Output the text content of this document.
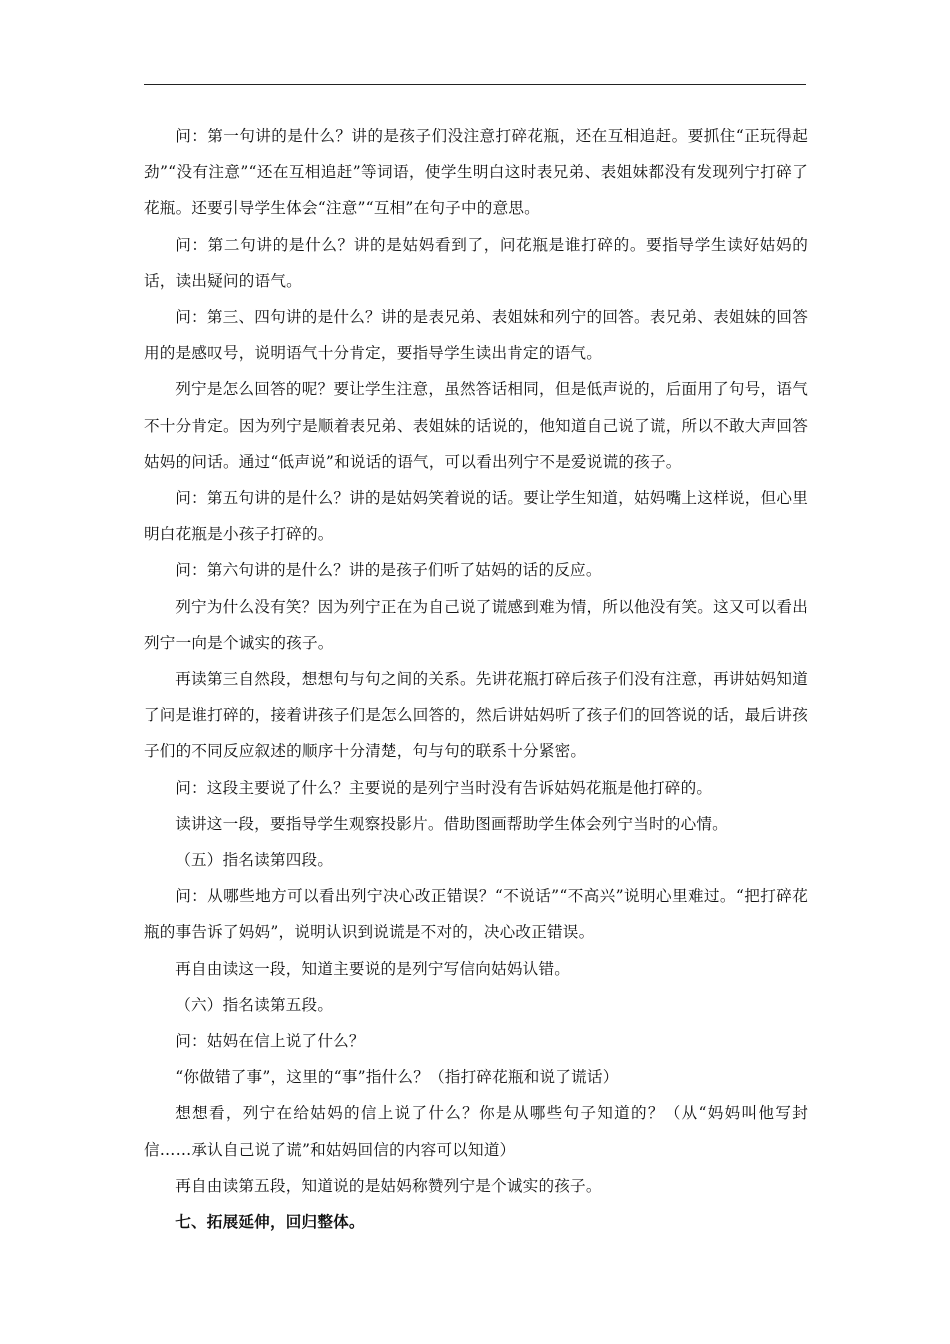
问：第一句讲的是什么？讲的是孩子们没注意打碎花瓶，还在互相追赶。要抓住“正玩得起劲”“没有注意”“还在互相追赶”等词语，使学生明白这时表兄弟、表姐妹都没有发现列宁打碎了花瓶。还要引导学生体会“注意”“互相”在句子中的意思。

问：第二句讲的是什么？讲的是姑妈看到了，问花瓶是谁打碎的。要指导学生读好姑妈的话，读出疑问的语气。

问：第三、四句讲的是什么？讲的是表兄弟、表姐妹和列宁的回答。表兄弟、表姐妹的回答用的是感叹号，说明语气十分肯定，要指导学生读出肯定的语气。

列宁是怎么回答的呢？要让学生注意，虽然答话相同，但是低声说的，后面用了句号，语气不十分肯定。因为列宁是顺着表兄弟、表姐妹的话说的，他知道自己说了谎，所以不敢大声回答姑妈的问话。通过“低声说”和说话的语气，可以看出列宁不是爱说谎的孩子。

问：第五句讲的是什么？讲的是姑妈笑着说的话。要让学生知道，姑妈嘴上这样说，但心里明白花瓶是小孩子打碎的。

问：第六句讲的是什么？讲的是孩子们听了姑妈的话的反应。

列宁为什么没有笑？因为列宁正在为自己说了谎感到难为情，所以他没有笑。这又可以看出列宁一向是个诚实的孩子。

再读第三自然段，想想句与句之间的关系。先讲花瓶打碎后孩子们没有注意，再讲姑妈知道了问是谁打碎的，接着讲孩子们是怎么回答的，然后讲姑妈听了孩子们的回答说的话，最后讲孩子们的不同反应叙述的顺序十分清楚，句与句的联系十分紧密。

问：这段主要说了什么？主要说的是列宁当时没有告诉姑妈花瓶是他打碎的。

读讲这一段，要指导学生观察投影片。借助图画帮助学生体会列宁当时的心情。

（五）指名读第四段。

问：从哪些地方可以看出列宁决心改正错误？“不说话”“不高兴”说明心里难过。“把打碎花瓶的事告诉了妈妈”，说明认识到说谎是不对的，决心改正错误。

再自由读这一段，知道主要说的是列宁写信向姑妈认错。

（六）指名读第五段。

问：姑妈在信上说了什么？

“你做错了事”，这里的“事”指什么？（指打碎花瓶和说了谎话）

想想看，列宁在给姑妈的信上说了什么？你是从哪些句子知道的？（从“妈妈叫他写封信……承认自己说了谎”和姑妈回信的内容可以知道）

再自由读第五段，知道说的是姑妈称赞列宁是个诚实的孩子。

七、拓展延伸，回归整体。
